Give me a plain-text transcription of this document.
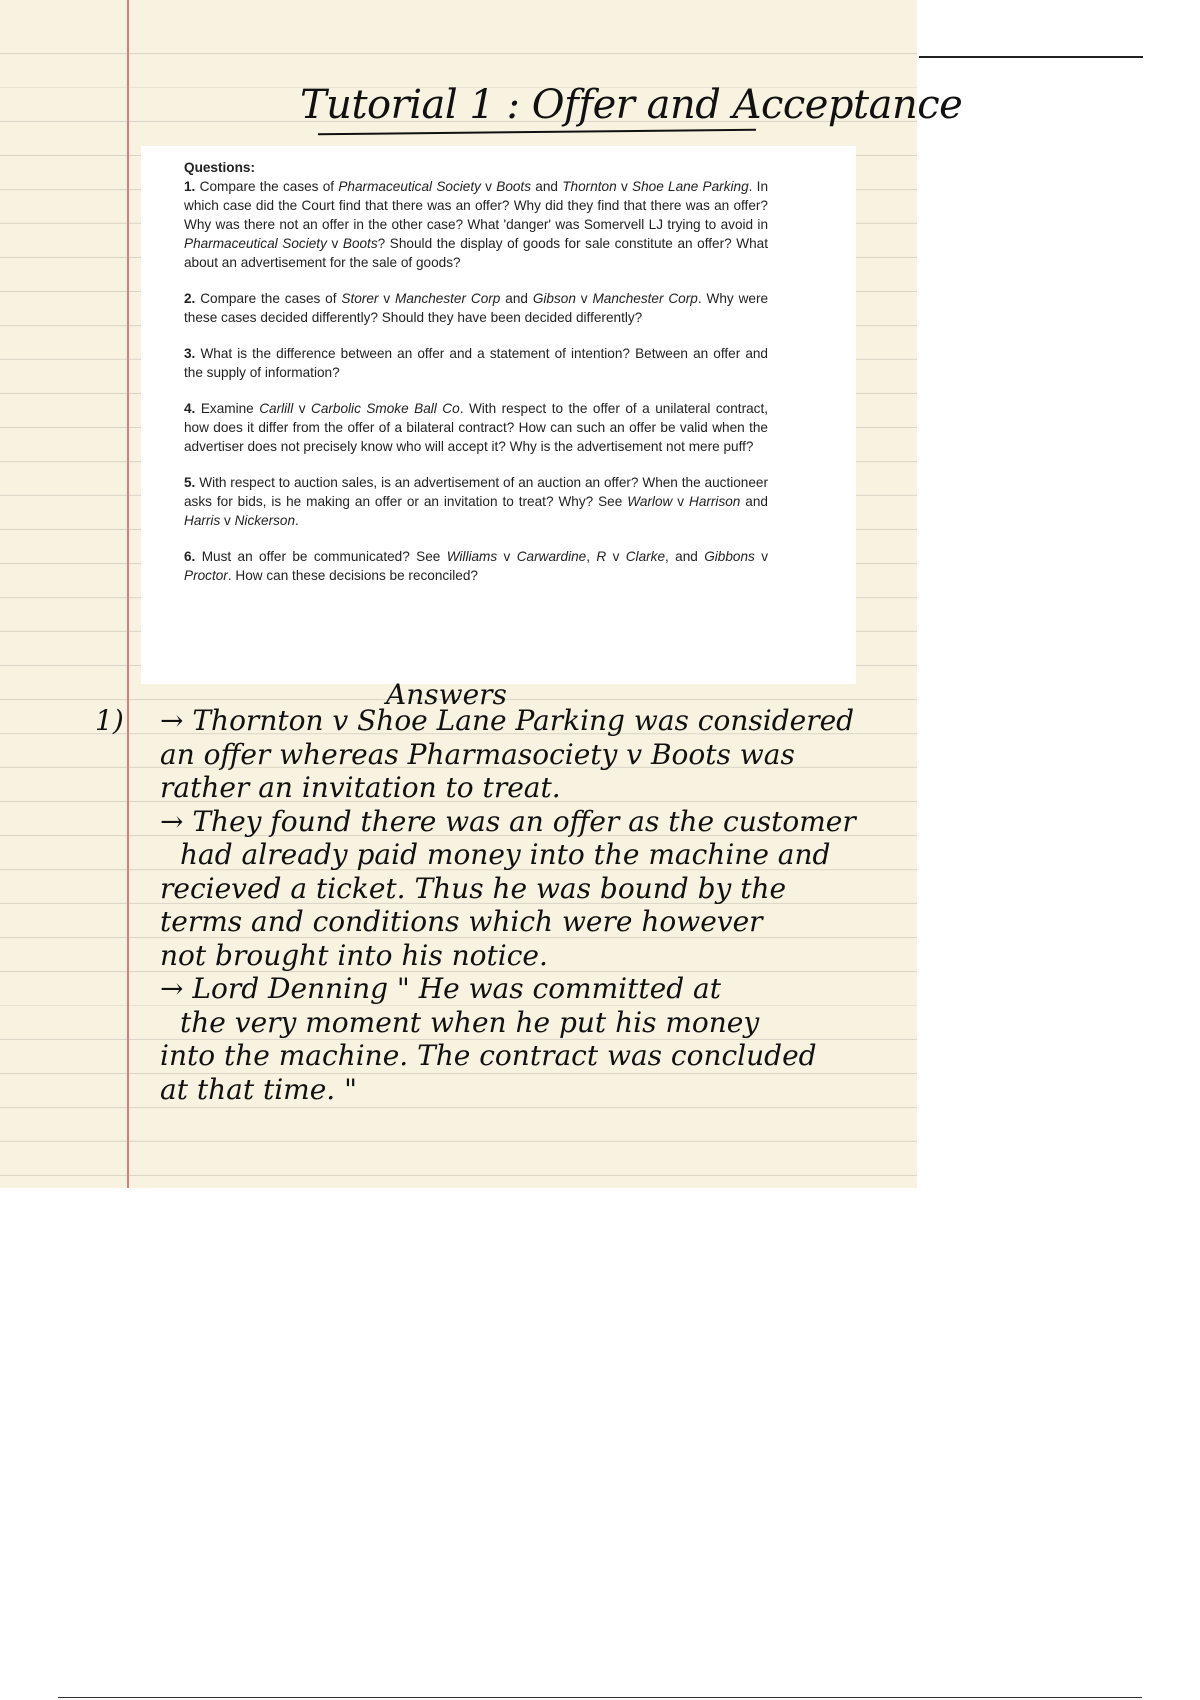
Tutorial 1 : Offer and Acceptance
Questions:

1. Compare the cases of Pharmaceutical Society v Boots and Thornton v Shoe Lane Parking. In which case did the Court find that there was an offer? Why did they find that there was an offer? Why was there not an offer in the other case? What 'danger' was Somervell LJ trying to avoid in Pharmaceutical Society v Boots? Should the display of goods for sale constitute an offer? What about an advertisement for the sale of goods?

2. Compare the cases of Storer v Manchester Corp and Gibson v Manchester Corp. Why were these cases decided differently? Should they have been decided differently?

3. What is the difference between an offer and a statement of intention? Between an offer and the supply of information?

4. Examine Carlill v Carbolic Smoke Ball Co. With respect to the offer of a unilateral contract, how does it differ from the offer of a bilateral contract? How can such an offer be valid when the advertiser does not precisely know who will accept it? Why is the advertisement not mere puff?

5. With respect to auction sales, is an advertisement of an auction an offer? When the auctioneer asks for bids, is he making an offer or an invitation to treat? Why? See Warlow v Harrison and Harris v Nickerson.

6. Must an offer be communicated? See Williams v Carwardine, R v Clarke, and Gibbons v Proctor. How can these decisions be reconciled?

Answers
1) → Thornton v Shoe Lane Parking was considered
an offer whereas Pharmasociety v Boots was
rather an invitation to treat.
→ They found there was an offer as the customer
had already paid money into the machine and
recieved a ticket. Thus he was bound by the
terms and conditions which were however
not brought into his notice.
→ Lord Denning " He was committed at
the very moment when he put his money
into the machine. The contract was concluded
at that time. "
